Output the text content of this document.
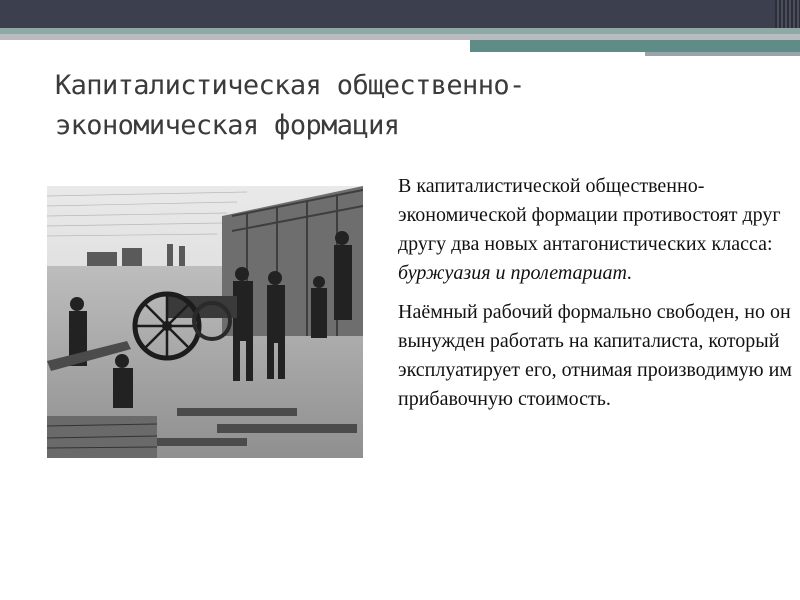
Капиталистическая общественно-
экономическая формация

В капиталистической общественно-экономической формации противостоят друг другу два новых антагонистических класса: буржуазия и пролетариат.

Наёмный рабочий формально свободен, но он вынужден работать на капиталиста, который эксплуатирует его, отнимая производимую им прибавочную стоимость.
